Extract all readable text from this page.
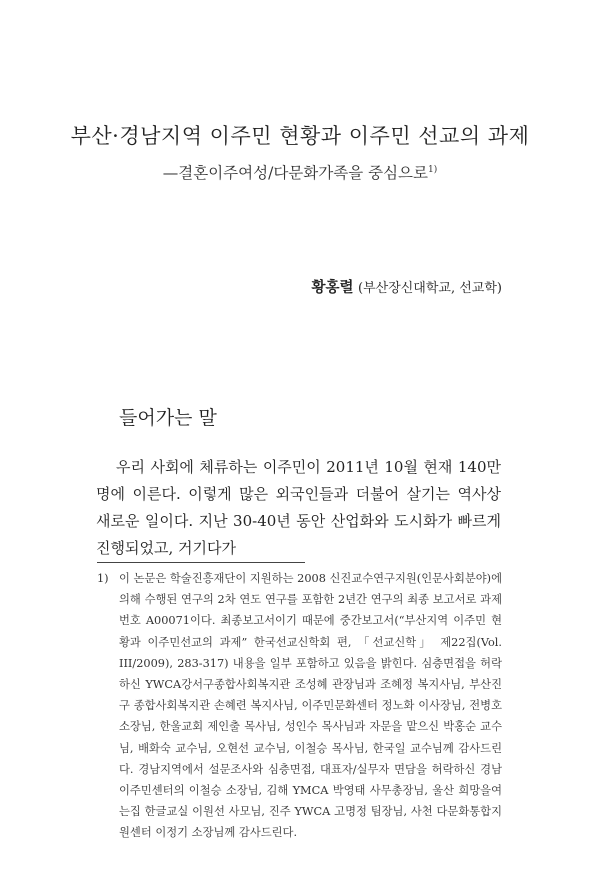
부산·경남지역 이주민 현황과 이주민 선교의 과제
—결혼이주여성/다문화가족을 중심으로$^{1)}$
황홍렬 (부산장신대학교, 선교학)
들어가는 말

우리 사회에 체류하는 이주민이 2011년 10월 현재 140만 명에 이른다. 이렇게 많은 외국인들과 더불어 살기는 역사상 새로운 일이다. 지난 30-40년 동안 산업화와 도시화가 빠르게 진행되었고, 거기다가

1) 이 논문은 학술진흥재단이 지원하는 2008 신진교수연구지원(인문사회분야)에 의해 수행된 연구의 2차 연도 연구를 포함한 2년간 연구의 최종 보고서로 과제번호 A00071이다. 최종보고서이기 때문에 중간보고서(“부산지역 이주민 현황과 이주민선교의 과제” 한국선교신학회 편, 「선교신학」 제22집(Vol. III/2009), 283-317) 내용을 일부 포함하고 있음을 밝힌다. 심층면접을 허락하신 YWCA강서구종합사회복지관 조성혜 관장님과 조혜정 복지사님, 부산진구 종합사회복지관 손혜련 복지사님, 이주민문화센터 정노화 이사장님, 전병호 소장님, 한울교회 제인출 목사님, 성인수 목사님과 자문을 맡으신 박홍순 교수님, 배화숙 교수님, 오현선 교수님, 이철승 목사님, 한국일 교수님께 감사드린다. 경남지역에서 설문조사와 심층면접, 대표자/실무자 면담을 허락하신 경남이주민센터의 이철승 소장님, 김해 YMCA 박영태 사무총장님, 울산 희망을여는집 한글교실 이원선 사모님, 진주 YWCA 고명정 팀장님, 사천 다문화통합지원센터 이정기 소장님께 감사드린다.
